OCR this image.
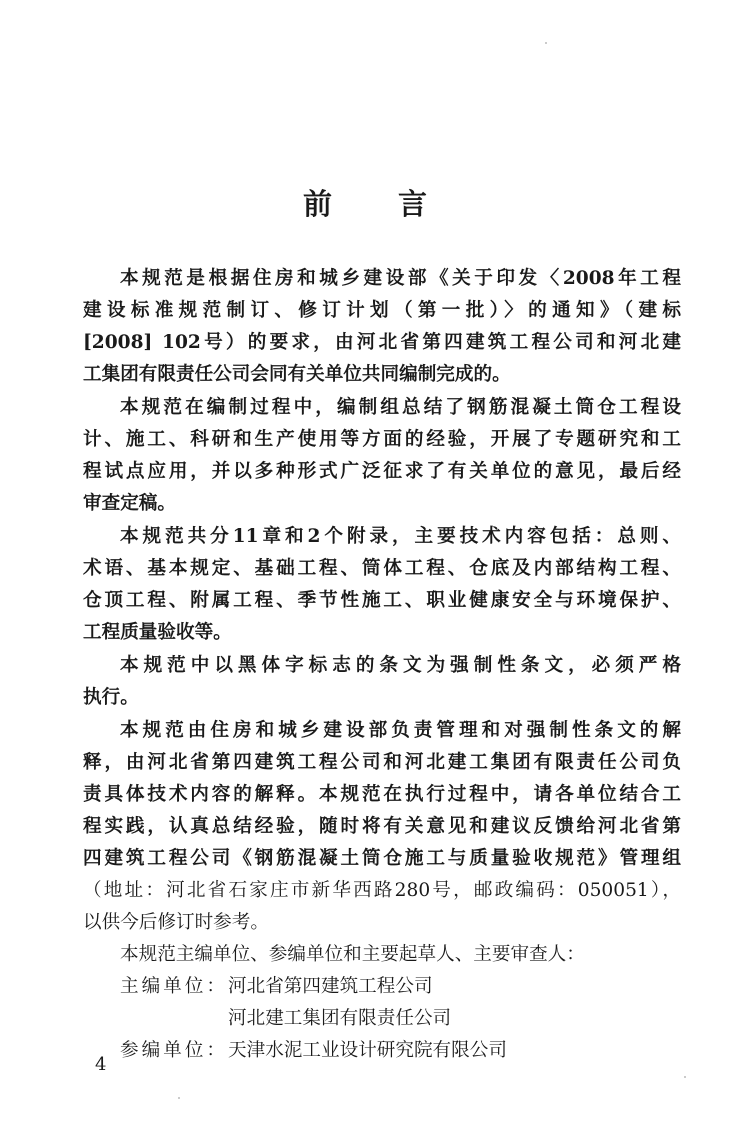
前 言
本规范是根据住房和城乡建设部《关于印发〈2008年工程
建设标准规范制订、修订计划（第一批）〉的通知》（建标
[2008] 102号）的要求，由河北省第四建筑工程公司和河北建
工集团有限责任公司会同有关单位共同编制完成的。
本规范在编制过程中，编制组总结了钢筋混凝土筒仓工程设
计、施工、科研和生产使用等方面的经验，开展了专题研究和工
程试点应用，并以多种形式广泛征求了有关单位的意见，最后经
审查定稿。
本规范共分11章和2个附录，主要技术内容包括：总则、
术语、基本规定、基础工程、筒体工程、仓底及内部结构工程、
仓顶工程、附属工程、季节性施工、职业健康安全与环境保护、
工程质量验收等。
本规范中以黑体字标志的条文为强制性条文，必须严格
执行。
本规范由住房和城乡建设部负责管理和对强制性条文的解
释，由河北省第四建筑工程公司和河北建工集团有限责任公司负
责具体技术内容的解释。本规范在执行过程中，请各单位结合工
程实践，认真总结经验，随时将有关意见和建议反馈给河北省第
四建筑工程公司《钢筋混凝土筒仓施工与质量验收规范》管理组
（地址：河北省石家庄市新华西路280号，邮政编码：050051），
以供今后修订时参考。
本规范主编单位、参编单位和主要起草人、主要审查人：
主编单位：河北省第四建筑工程公司
河北建工集团有限责任公司
参编单位：天津水泥工业设计研究院有限公司
4
